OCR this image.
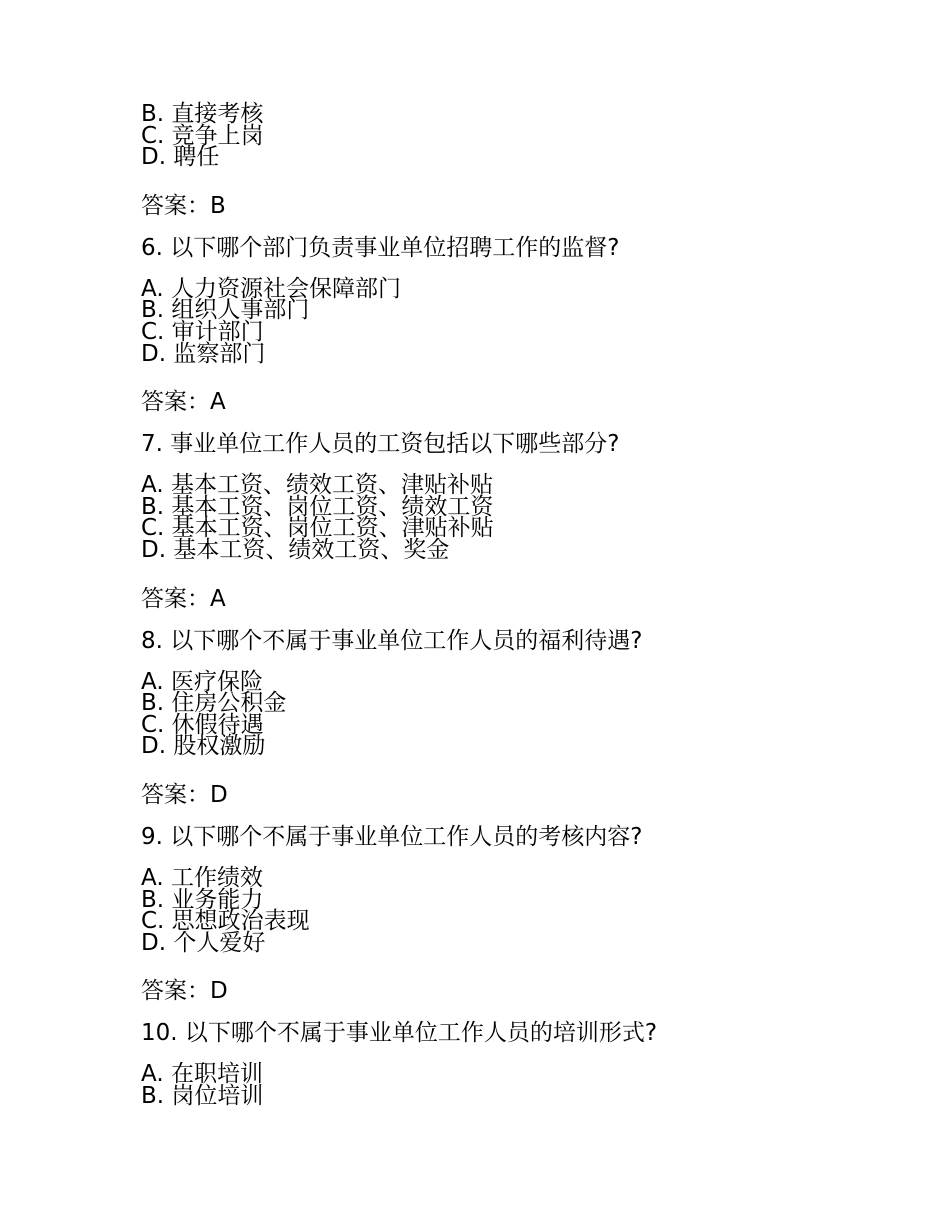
B. 直接考核
C. 竞争上岗
D. 聘任
答案：B
6. 以下哪个部门负责事业单位招聘工作的监督?
A. 人力资源社会保障部门
B. 组织人事部门
C. 审计部门
D. 监察部门
答案：A
7. 事业单位工作人员的工资包括以下哪些部分?
A. 基本工资、绩效工资、津贴补贴
B. 基本工资、岗位工资、绩效工资
C. 基本工资、岗位工资、津贴补贴
D. 基本工资、绩效工资、奖金
答案：A
8. 以下哪个不属于事业单位工作人员的福利待遇?
A. 医疗保险
B. 住房公积金
C. 休假待遇
D. 股权激励
答案：D
9. 以下哪个不属于事业单位工作人员的考核内容?
A. 工作绩效
B. 业务能力
C. 思想政治表现
D. 个人爱好
答案：D
10. 以下哪个不属于事业单位工作人员的培训形式?
A. 在职培训
B. 岗位培训
